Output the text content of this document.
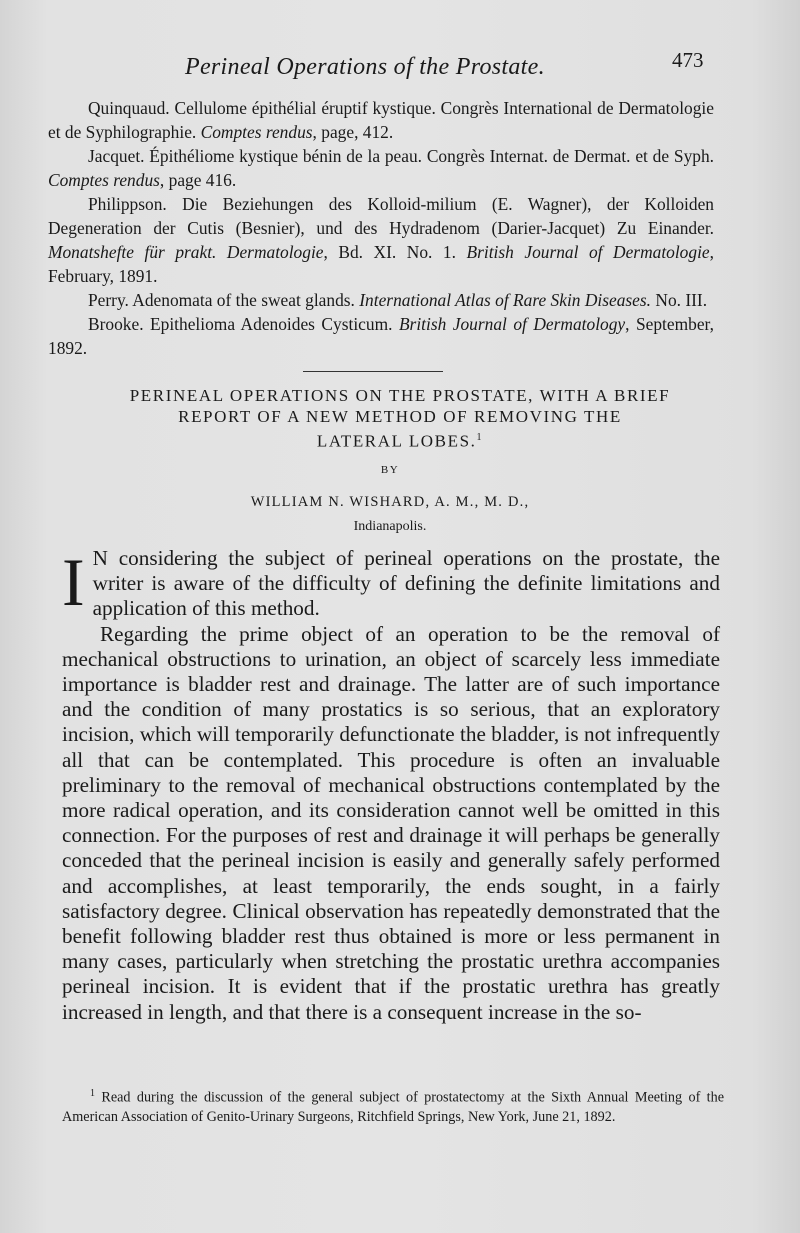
Perineal Operations of the Prostate.	473

Quinquaud. Cellulome épithélial éruptif kystique. Congrès International de Dermatologie et de Syphilographie. Comptes rendus, page, 412.

Jacquet. Épithéliome kystique bénin de la peau. Congrès Internat. de Dermat. et de Syph. Comptes rendus, page 416.

Philippson. Die Beziehungen des Kolloid-milium (E. Wagner), der Kolloiden Degeneration der Cutis (Besnier), und des Hydradenom (Darier-Jacquet) Zu Einander. Monatshefte für prakt. Dermatologie, Bd. XI. No. 1. British Journal of Dermatologie, February, 1891.

Perry. Adenomata of the sweat glands. International Atlas of Rare Skin Diseases. No. III.

Brooke. Epithelioma Adenoides Cysticum. British Journal of Dermatology, September, 1892.

PERINEAL OPERATIONS ON THE PROSTATE, WITH A BRIEF
REPORT OF A NEW METHOD OF REMOVING THE
LATERAL LOBES.$^1$
BY
WILLIAM N. WISHARD, A. M., M. D.,
Indianapolis.

I N considering the subject of perineal operations on the prostate, the writer is aware of the difficulty of defining the definite limitations and application of this method.

Regarding the prime object of an operation to be the removal of mechanical obstructions to urination, an object of scarcely less immediate importance is bladder rest and drainage. The latter are of such importance and the condition of many prostatics is so serious, that an exploratory incision, which will temporarily defunctionate the bladder, is not infrequently all that can be contemplated. This procedure is often an invaluable preliminary to the removal of mechanical obstructions contemplated by the more radical operation, and its consideration cannot well be omitted in this connection. For the purposes of rest and drainage it will perhaps be generally conceded that the perineal incision is easily and generally safely performed and accomplishes, at least temporarily, the ends sought, in a fairly satisfactory degree. Clinical observation has repeatedly demonstrated that the benefit following bladder rest thus obtained is more or less permanent in many cases, particularly when stretching the prostatic urethra accompanies perineal incision. It is evident that if the prostatic urethra has greatly increased in length, and that there is a consequent increase in the so-

$^1$ Read during the discussion of the general subject of prostatectomy at the Sixth Annual Meeting of the American Association of Genito-Urinary Surgeons, Ritchfield Springs, New York, June 21, 1892.
